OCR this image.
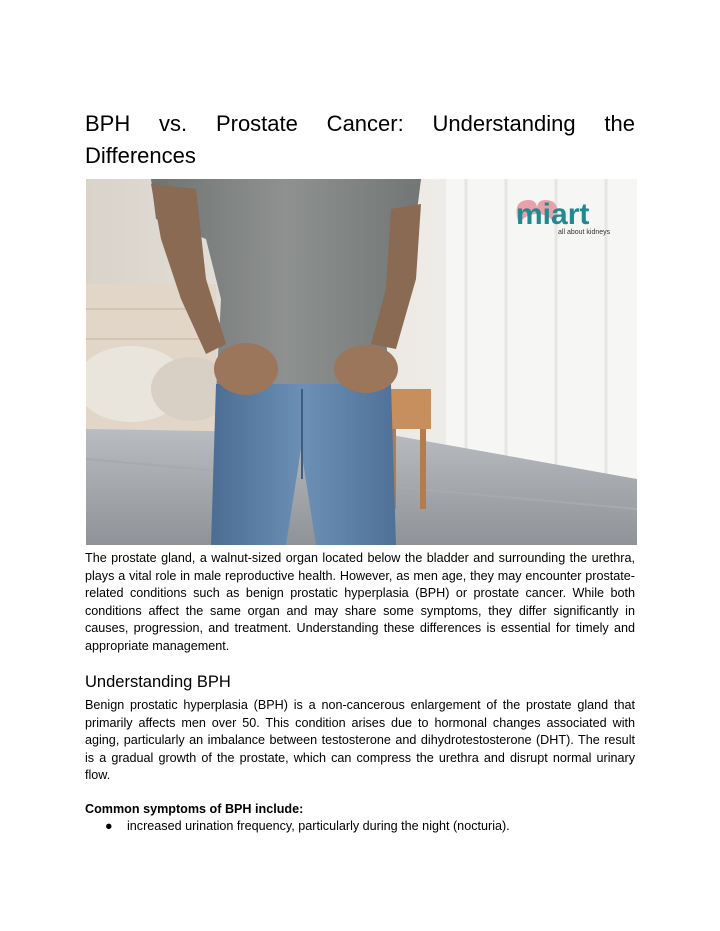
BPH vs. Prostate Cancer: Understanding the Differences
miart
all about kidneys

The prostate gland, a walnut-sized organ located below the bladder and surrounding the urethra, plays a vital role in male reproductive health. However, as men age, they may encounter prostate-related conditions such as benign prostatic hyperplasia (BPH) or prostate cancer. While both conditions affect the same organ and may share some symptoms, they differ significantly in causes, progression, and treatment. Understanding these differences is essential for timely and appropriate management.

Understanding BPH

Benign prostatic hyperplasia (BPH) is a non-cancerous enlargement of the prostate gland that primarily affects men over 50. This condition arises due to hormonal changes associated with aging, particularly an imbalance between testosterone and dihydrotestosterone (DHT). The result is a gradual growth of the prostate, which can compress the urethra and disrupt normal urinary flow.

Common symptoms of BPH include:

● increased urination frequency, particularly during the night (nocturia).
